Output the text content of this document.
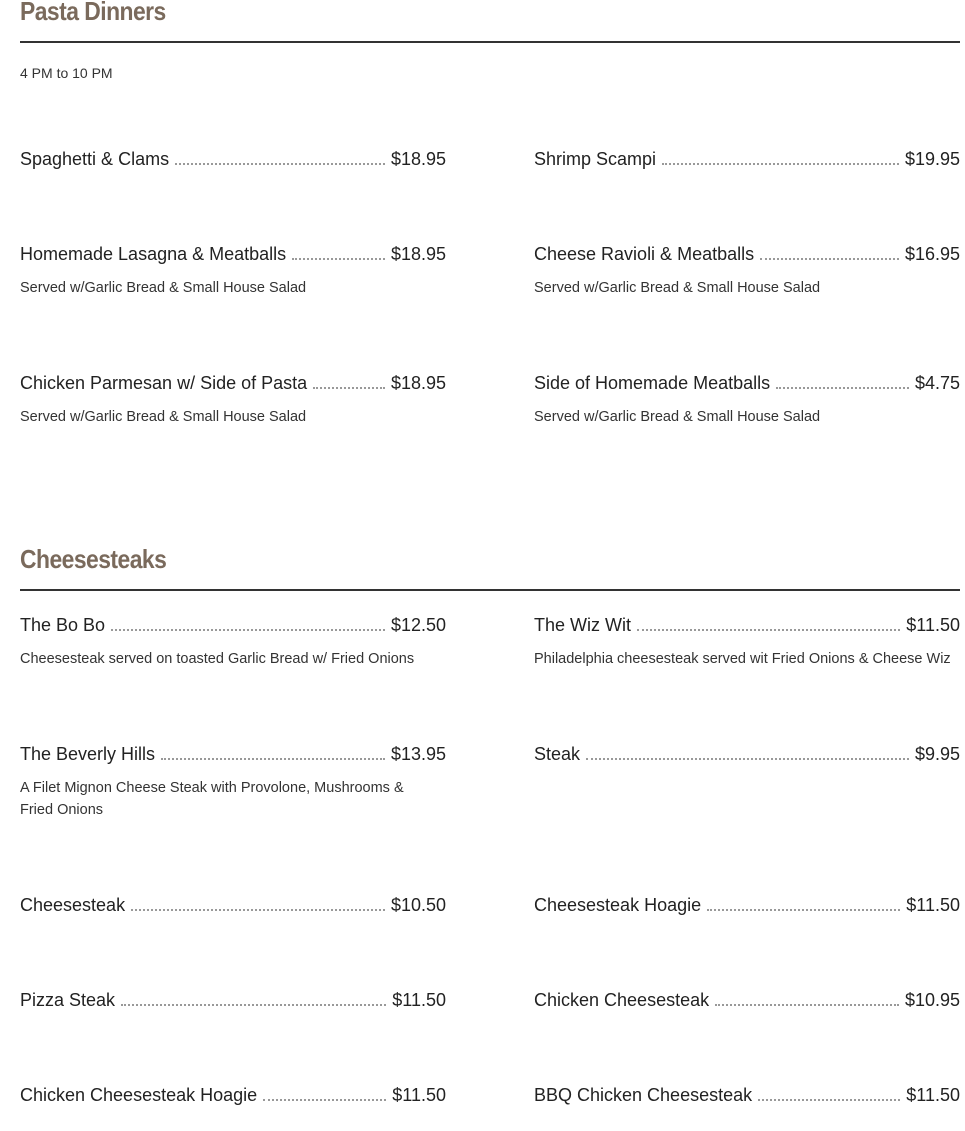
Pasta Dinners
4 PM to 10 PM
Spaghetti & Clams	$18.95	Shrimp Scampi	$19.95
Homemade Lasagna & Meatballs	$18.95
Served w/Garlic Bread & Small House Salad
Cheese Ravioli & Meatballs	$16.95
Served w/Garlic Bread & Small House Salad
Chicken Parmesan w/ Side of Pasta	$18.95
Served w/Garlic Bread & Small House Salad
Side of Homemade Meatballs	$4.75
Served w/Garlic Bread & Small House Salad
Cheesesteaks
The Bo Bo	$12.50
Cheesesteak served on toasted Garlic Bread w/ Fried Onions
The Wiz Wit	$11.50
Philadelphia cheesesteak served wit Fried Onions & Cheese Wiz
The Beverly Hills	$13.95
A Filet Mignon Cheese Steak with Provolone, Mushrooms & Fried Onions
Steak	$9.95
Cheesesteak	$10.50	Cheesesteak Hoagie	$11.50
Pizza Steak	$11.50	Chicken Cheesesteak	$10.95
Chicken Cheesesteak Hoagie	$11.50	BBQ Chicken Cheesesteak	$11.50
